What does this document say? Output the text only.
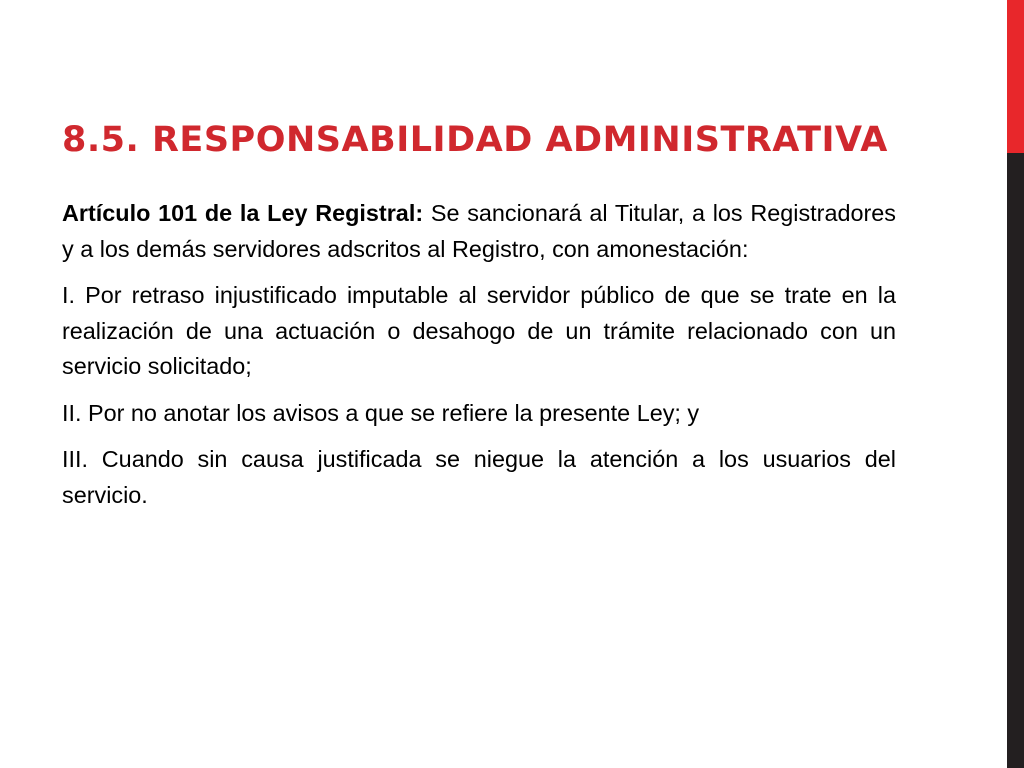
8.5. RESPONSABILIDAD ADMINISTRATIVA

Artículo 101 de la Ley Registral: Se sancionará al Titular, a los Registradores y a los demás servidores adscritos al Registro, con amonestación:

I. Por retraso injustificado imputable al servidor público de que se trate en la realización de una actuación o desahogo de un trámite relacionado con un servicio solicitado;

II. Por no anotar los avisos a que se refiere la presente Ley; y

III. Cuando sin causa justificada se niegue la atención a los usuarios del servicio.
